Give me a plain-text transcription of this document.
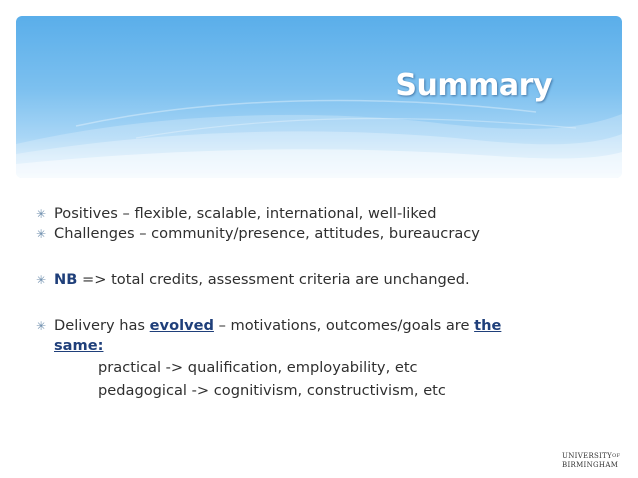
Summary
✳ Positives – flexible, scalable, international, well-liked
✳ Challenges – community/presence, attitudes, bureaucracy
✳ NB => total credits, assessment criteria are unchanged.
✳ Delivery has evolved – motivations, outcomes/goals are the
same:
practical -> qualification, employability, etc
pedagogical -> cognitivism, constructivism, etc
$UNIVERSITY^{OF}$
BIRMINGHAM
